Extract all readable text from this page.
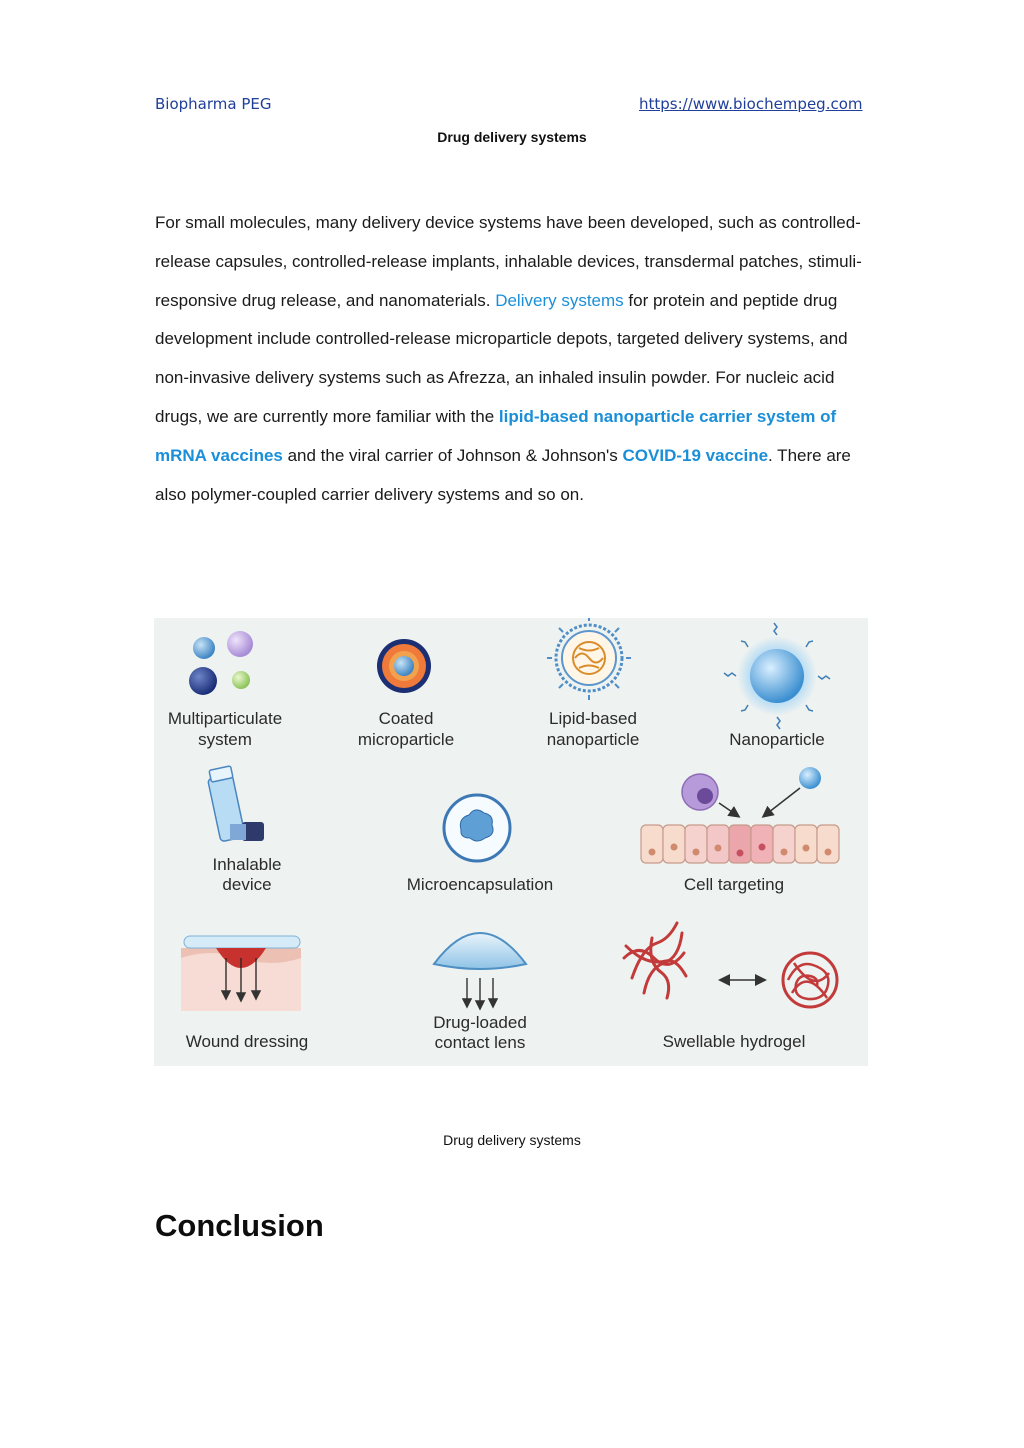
Biopharma PEG	https://www.biochempeg.com
Drug delivery systems
For small molecules, many delivery device systems have been developed, such as controlled-release capsules, controlled-release implants, inhalable devices, transdermal patches, stimuli-responsive drug release, and nanomaterials. Delivery systems for protein and peptide drug development include controlled-release microparticle depots, targeted delivery systems, and non-invasive delivery systems such as Afrezza, an inhaled insulin powder. For nucleic acid drugs, we are currently more familiar with the lipid-based nanoparticle carrier system of mRNA vaccines and the viral carrier of Johnson & Johnson's COVID-19 vaccine. There are also polymer-coupled carrier delivery systems and so on.
Multiparticulate
system
Coated
microparticle
Lipid-based
nanoparticle	Nanoparticle
Inhalable
device	Microencapsulation	Cell targeting
Wound dressing
Drug-loaded
contact lens	Swellable hydrogel
Drug delivery systems
Conclusion
